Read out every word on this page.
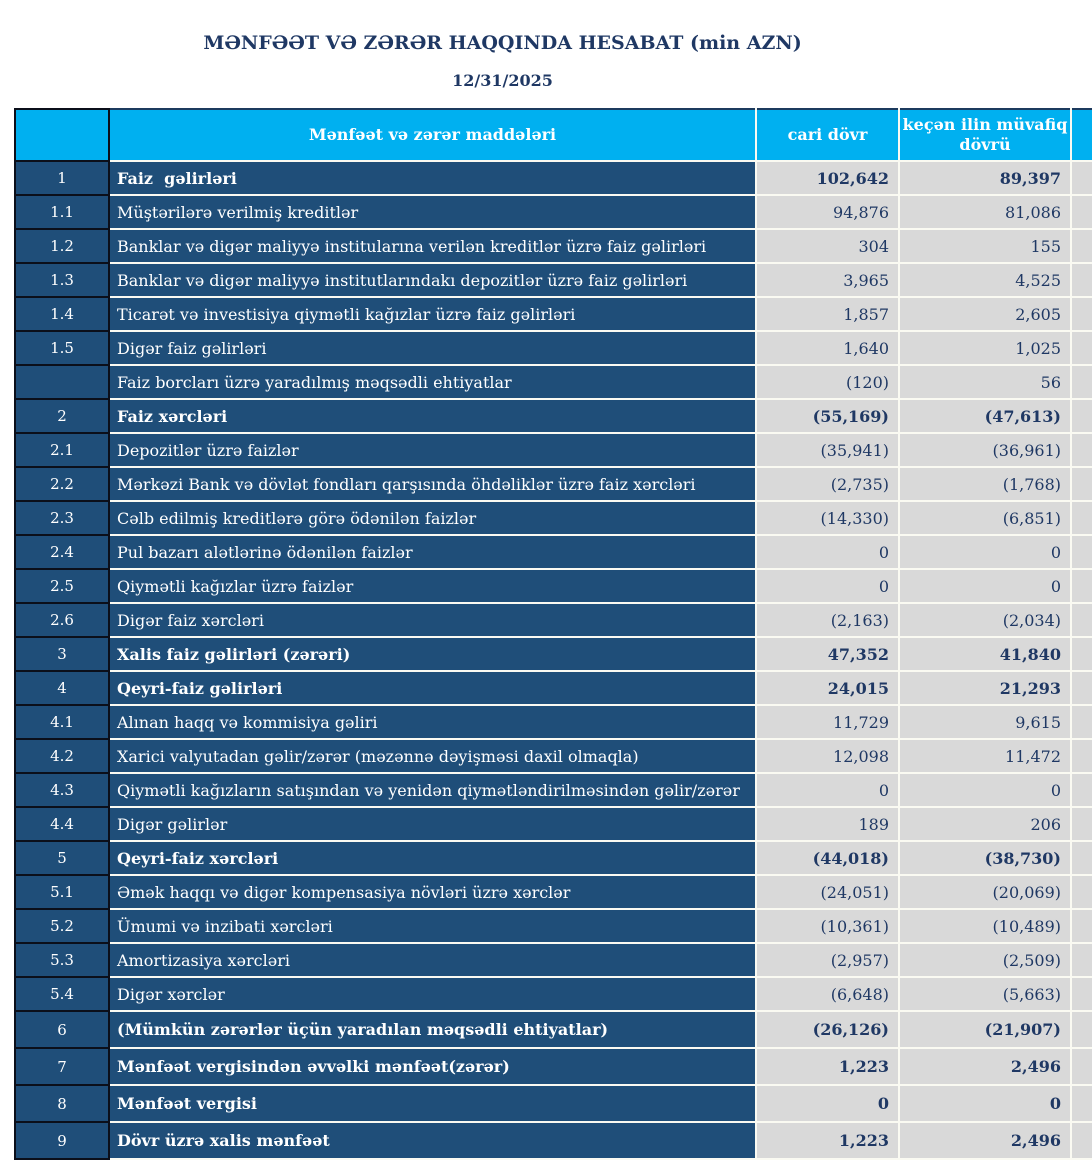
MƏNFƏƏT VƏ ZƏRƏR HAQQINDA HESABAT (min AZN)
12/31/2025
	Mənfəət və zərər maddələri	cari dövr	keçən ilin müvafiq dövrü	
1	Faiz  gəlirləri	102,642	89,397	
1.1	Müştərilərə verilmiş kreditlər	94,876	81,086	
1.2	Banklar və digər maliyyə institularına verilən kreditlər üzrə faiz gəlirləri	304	155	
1.3	Banklar və digər maliyyə institutlarındakı depozitlər üzrə faiz gəlirləri	3,965	4,525	
1.4	Ticarət və investisiya qiymətli kağızlar üzrə faiz gəlirləri	1,857	2,605	
1.5	Digər faiz gəlirləri	1,640	1,025	
	Faiz borcları üzrə yaradılmış məqsədli ehtiyatlar	(120)	56	
2	Faiz xərcləri	(55,169)	(47,613)	
2.1	Depozitlər üzrə faizlər	(35,941)	(36,961)	
2.2	Mərkəzi Bank və dövlət fondları qarşısında öhdəliklər üzrə faiz xərcləri	(2,735)	(1,768)	
2.3	Cəlb edilmiş kreditlərə görə ödənilən faizlər	(14,330)	(6,851)	
2.4	Pul bazarı alətlərinə ödənilən faizlər	0	0	
2.5	Qiymətli kağızlar üzrə faizlər	0	0	
2.6	Digər faiz xərcləri	(2,163)	(2,034)	
3	Xalis faiz gəlirləri (zərəri)	47,352	41,840	
4	Qeyri-faiz gəlirləri	24,015	21,293	
4.1	Alınan haqq və kommisiya gəliri	11,729	9,615	
4.2	Xarici valyutadan gəlir/zərər (məzənnə dəyişməsi daxil olmaqla)	12,098	11,472	
4.3	Qiymətli kağızların satışından və yenidən qiymətləndirilməsindən gəlir/zərər	0	0	
4.4	Digər gəlirlər	189	206	
5	Qeyri-faiz xərcləri	(44,018)	(38,730)	
5.1	Əmək haqqı və digər kompensasiya növləri üzrə xərclər	(24,051)	(20,069)	
5.2	Ümumi və inzibati xərcləri	(10,361)	(10,489)	
5.3	Amortizasiya xərcləri	(2,957)	(2,509)	
5.4	Digər xərclər	(6,648)	(5,663)	
6	(Mümkün zərərlər üçün yaradılan məqsədli ehtiyatlar)	(26,126)	(21,907)	
7	Mənfəət vergisindən əvvəlki mənfəət(zərər)	1,223	2,496	
8	Mənfəət vergisi	0	0	
9	Dövr üzrə xalis mənfəət	1,223	2,496	
